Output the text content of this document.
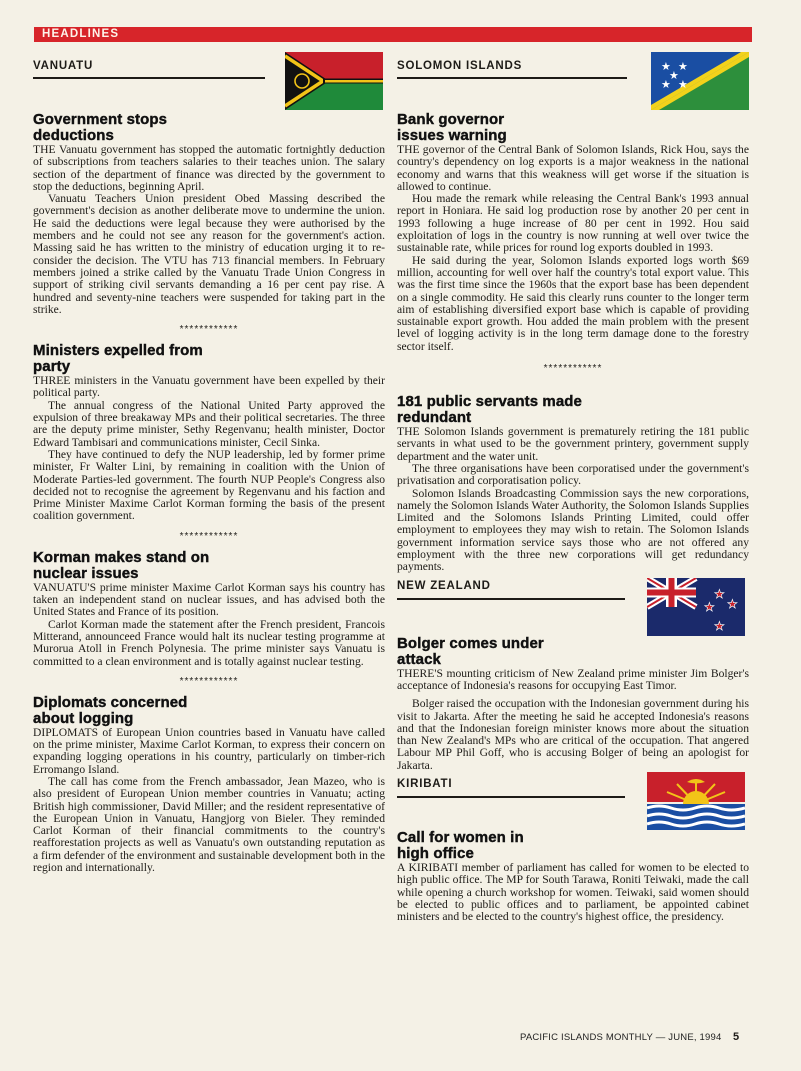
HEADLINES
VANUATU
Government stops deductions

THE Vanuatu government has stopped the automatic fortnightly deduction of subscriptions from teachers salaries to their teaches union. The salary section of the department of finance was directed by the government to stop the deductions, beginning April.

Vanuatu Teachers Union president Obed Massing described the government's decision as another deliberate move to undermine the union. He said the deductions were legal because they were authorised by the members and he could not see any reason for the government's action. Massing said he has written to the ministry of education urging it to re-consider the decision. The VTU has 713 financial members. In February members joined a strike called by the Vanuatu Trade Union Congress in support of striking civil servants demanding a 16 per cent pay rise. A hundred and seventy-nine teachers were suspended for taking part in the strike.

************
Ministers expelled from party

THREE ministers in the Vanuatu government have been expelled by their political party.

The annual congress of the National United Party approved the expulsion of three breakaway MPs and their political secretaries. The three are the deputy prime minister, Sethy Regenvanu; health minister, Doctor Edward Tambisari and communications minister, Cecil Sinka.

They have continued to defy the NUP leadership, led by former prime minister, Fr Walter Lini, by remaining in coalition with the Union of Moderate Parties-led government. The fourth NUP People's Congress also decided not to recognise the agreement by Regenvanu and his faction and Prime Minister Maxime Carlot Korman forming the basis of the present coalition government.

************
Korman makes stand on nuclear issues

VANUATU'S prime minister Maxime Carlot Korman says his country has taken an independent stand on nuclear issues, and has advised both the United States and France of its position.

Carlot Korman made the statement after the French president, Francois Mitterand, announceed France would halt its nuclear testing programme at Murorua Atoll in French Polynesia. The prime minister says Vanuatu is committed to a clean environment and is totally against nuclear testing.

************
Diplomats concerned about logging

DIPLOMATS of European Union countries based in Vanuatu have called on the prime minister, Maxime Carlot Korman, to express their concern on expanding logging operations in his country, particularly on timber-rich Erromango Island.

The call has come from the French ambassador, Jean Mazeo, who is also president of European Union member countries in Vanuatu; acting British high commissioner, David Miller; and the resident representative of the European Union in Vanuatu, Hangjorg von Bieler. They reminded Carlot Korman of their financial commitments to the country's reafforestation projects as well as Vanuatu's own outstanding reputation as a firm defender of the environment and sustainable development both in the region and internationally.

SOLOMON ISLANDS	★ ★
★
★ ★
Bank governor issues warning

THE governor of the Central Bank of Solomon Islands, Rick Hou, says the country's dependency on log exports is a major weakness in the national economy and warns that this weakness will get worse if the situation is allowed to continue.

Hou made the remark while releasing the Central Bank's 1993 annual report in Honiara. He said log production rose by another 20 per cent in 1993 following a huge increase of 80 per cent in 1992. Hou said exploitation of logs in the country is now running at well over twice the sustainable rate, while prices for round log exports doubled in 1993.

He said during the year, Solomon Islands exported logs worth $69 million, accounting for well over half the country's total export value. This was the first time since the 1960s that the export base has been dependent on a single commodity. He said this clearly runs counter to the longer term aim of establishing diversified export base which is capable of providing sustainable export growth. Hou added the main problem with the present level of logging activity is in the long term damage done to the forestry sector itself.

************
181 public servants made redundant

THE Solomon Islands government is prematurely retiring the 181 public servants in what used to be the government printery, government supply department and the water unit.

The three organisations have been corporatised under the government's privatisation and corporatisation policy.

Solomon Islands Broadcasting Commission says the new corporations, namely the Solomon Islands Water Authority, the Solomon Islands Supplies Limited and the Solomons Islands Printing Limited, could offer employment to employees they may wish to retain. The Solomon Islands government information service says those who are not offered any employment with the three new corporations will get redundancy payments.

NEW ZEALAND
★
★
★
★
Bolger comes under attack

THERE'S mounting criticism of New Zealand prime minister Jim Bolger's acceptance of Indonesia's reasons for occupying East Timor.

Bolger raised the occupation with the Indonesian government during his visit to Jakarta. After the meeting he said he accepted Indonesia's reasons and that the Indonesian foreign minister knows more about the situation than New Zealand's MPs who are critical of the occupation. That angered Labour MP Phil Goff, who is accusing Bolger of being an apologist for Jakarta.

KIRIBATI
Call for women in high office

A KIRIBATI member of parliament has called for women to be elected to high public office. The MP for South Tarawa, Roniti Teiwaki, made the call while opening a church workshop for women. Teiwaki, said women should be elected to public offices and to parliament, be appointed cabinet ministers and be elected to the country's highest office, the presidency.

PACIFIC ISLANDS MONTHLY — JUNE, 1994 5
